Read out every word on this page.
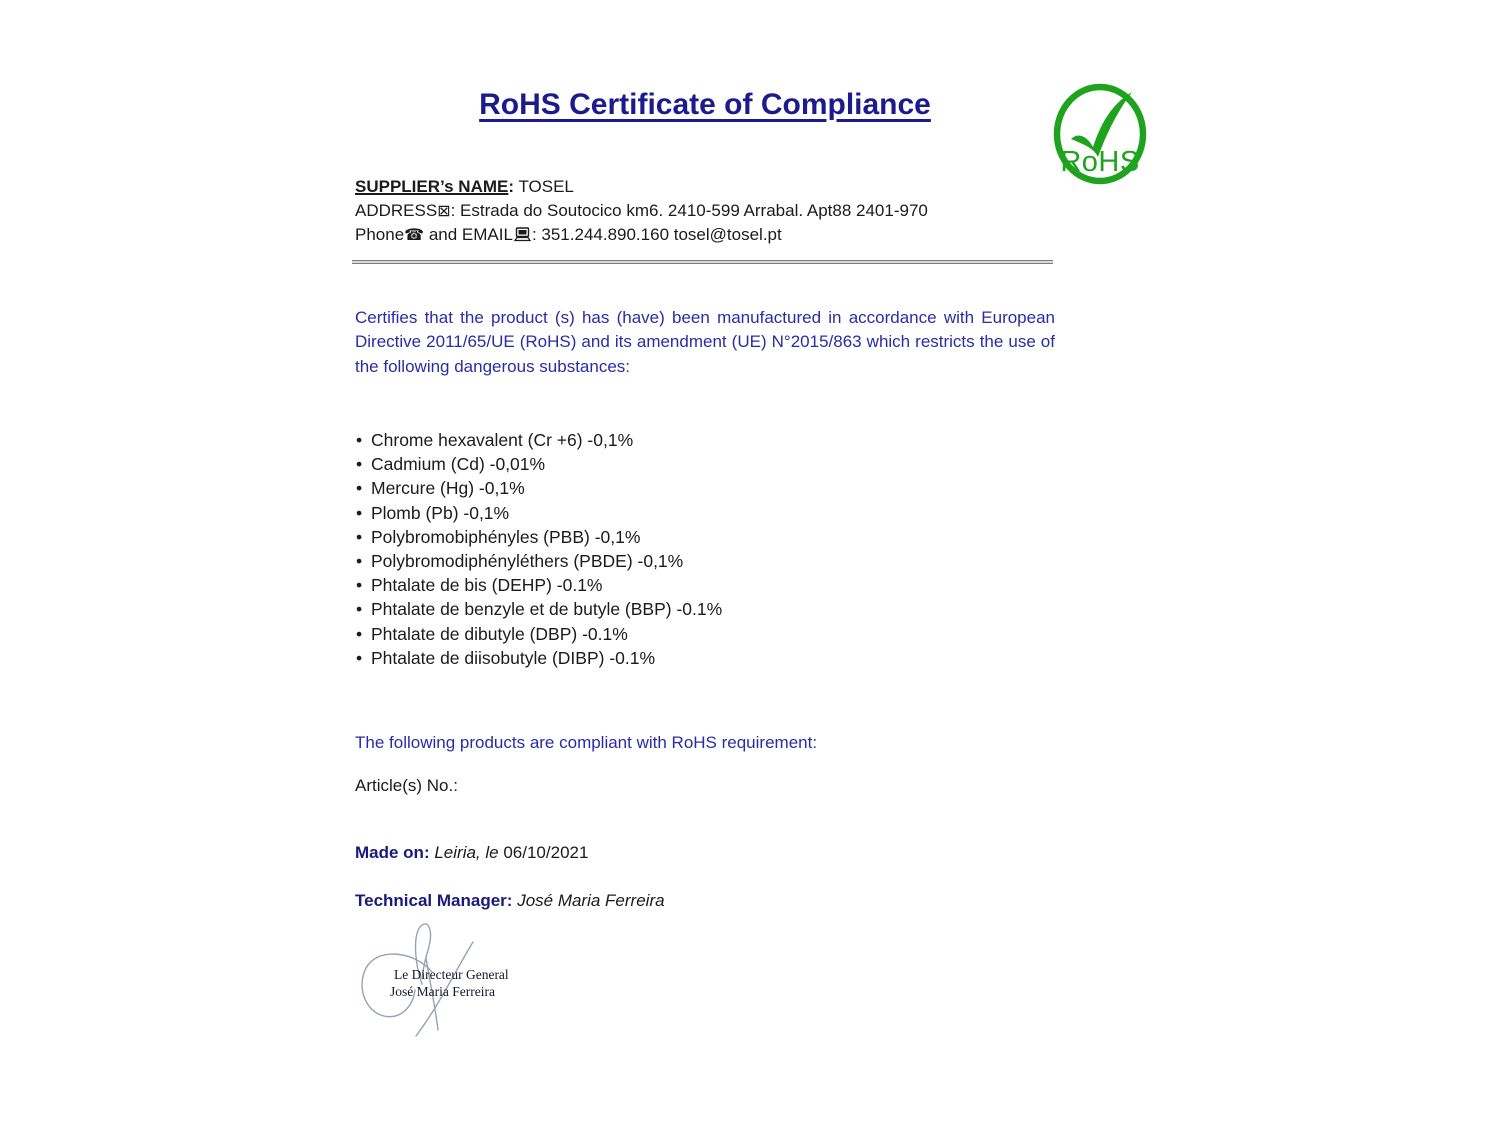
RoHS Certificate of Compliance
RoHS
SUPPLIER’s NAME: TOSEL
ADDRESS⊠: Estrada do Soutocico km6. 2410-599 Arrabal. Apt88 2401-970
Phone☎ and EMAIL : 351.244.890.160 tosel@tosel.pt

Certifies that the product (s) has (have) been manufactured in accordance with European Directive 2011/65/UE (RoHS) and its amendment (UE) N°2015/863 which restricts the use of the following dangerous substances:

•Chrome hexavalent (Cr +6) -0,1%
•Cadmium (Cd) -0,01%
•Mercure (Hg) -0,1%
•Plomb (Pb) -0,1%
•Polybromobiphényles (PBB) -0,1%
•Polybromodiphényléthers (PBDE) -0,1%
•Phtalate de bis (DEHP) -0.1%
•Phtalate de benzyle et de butyle (BBP) -0.1%
•Phtalate de dibutyle (DBP) -0.1%
•Phtalate de diisobutyle (DIBP) -0.1%

The following products are compliant with RoHS requirement:

Article(s) No.:

Made on: Leiria, le 06/10/2021

Technical Manager: José Maria Ferreira

Le Directeur General
José Maria Ferreira
